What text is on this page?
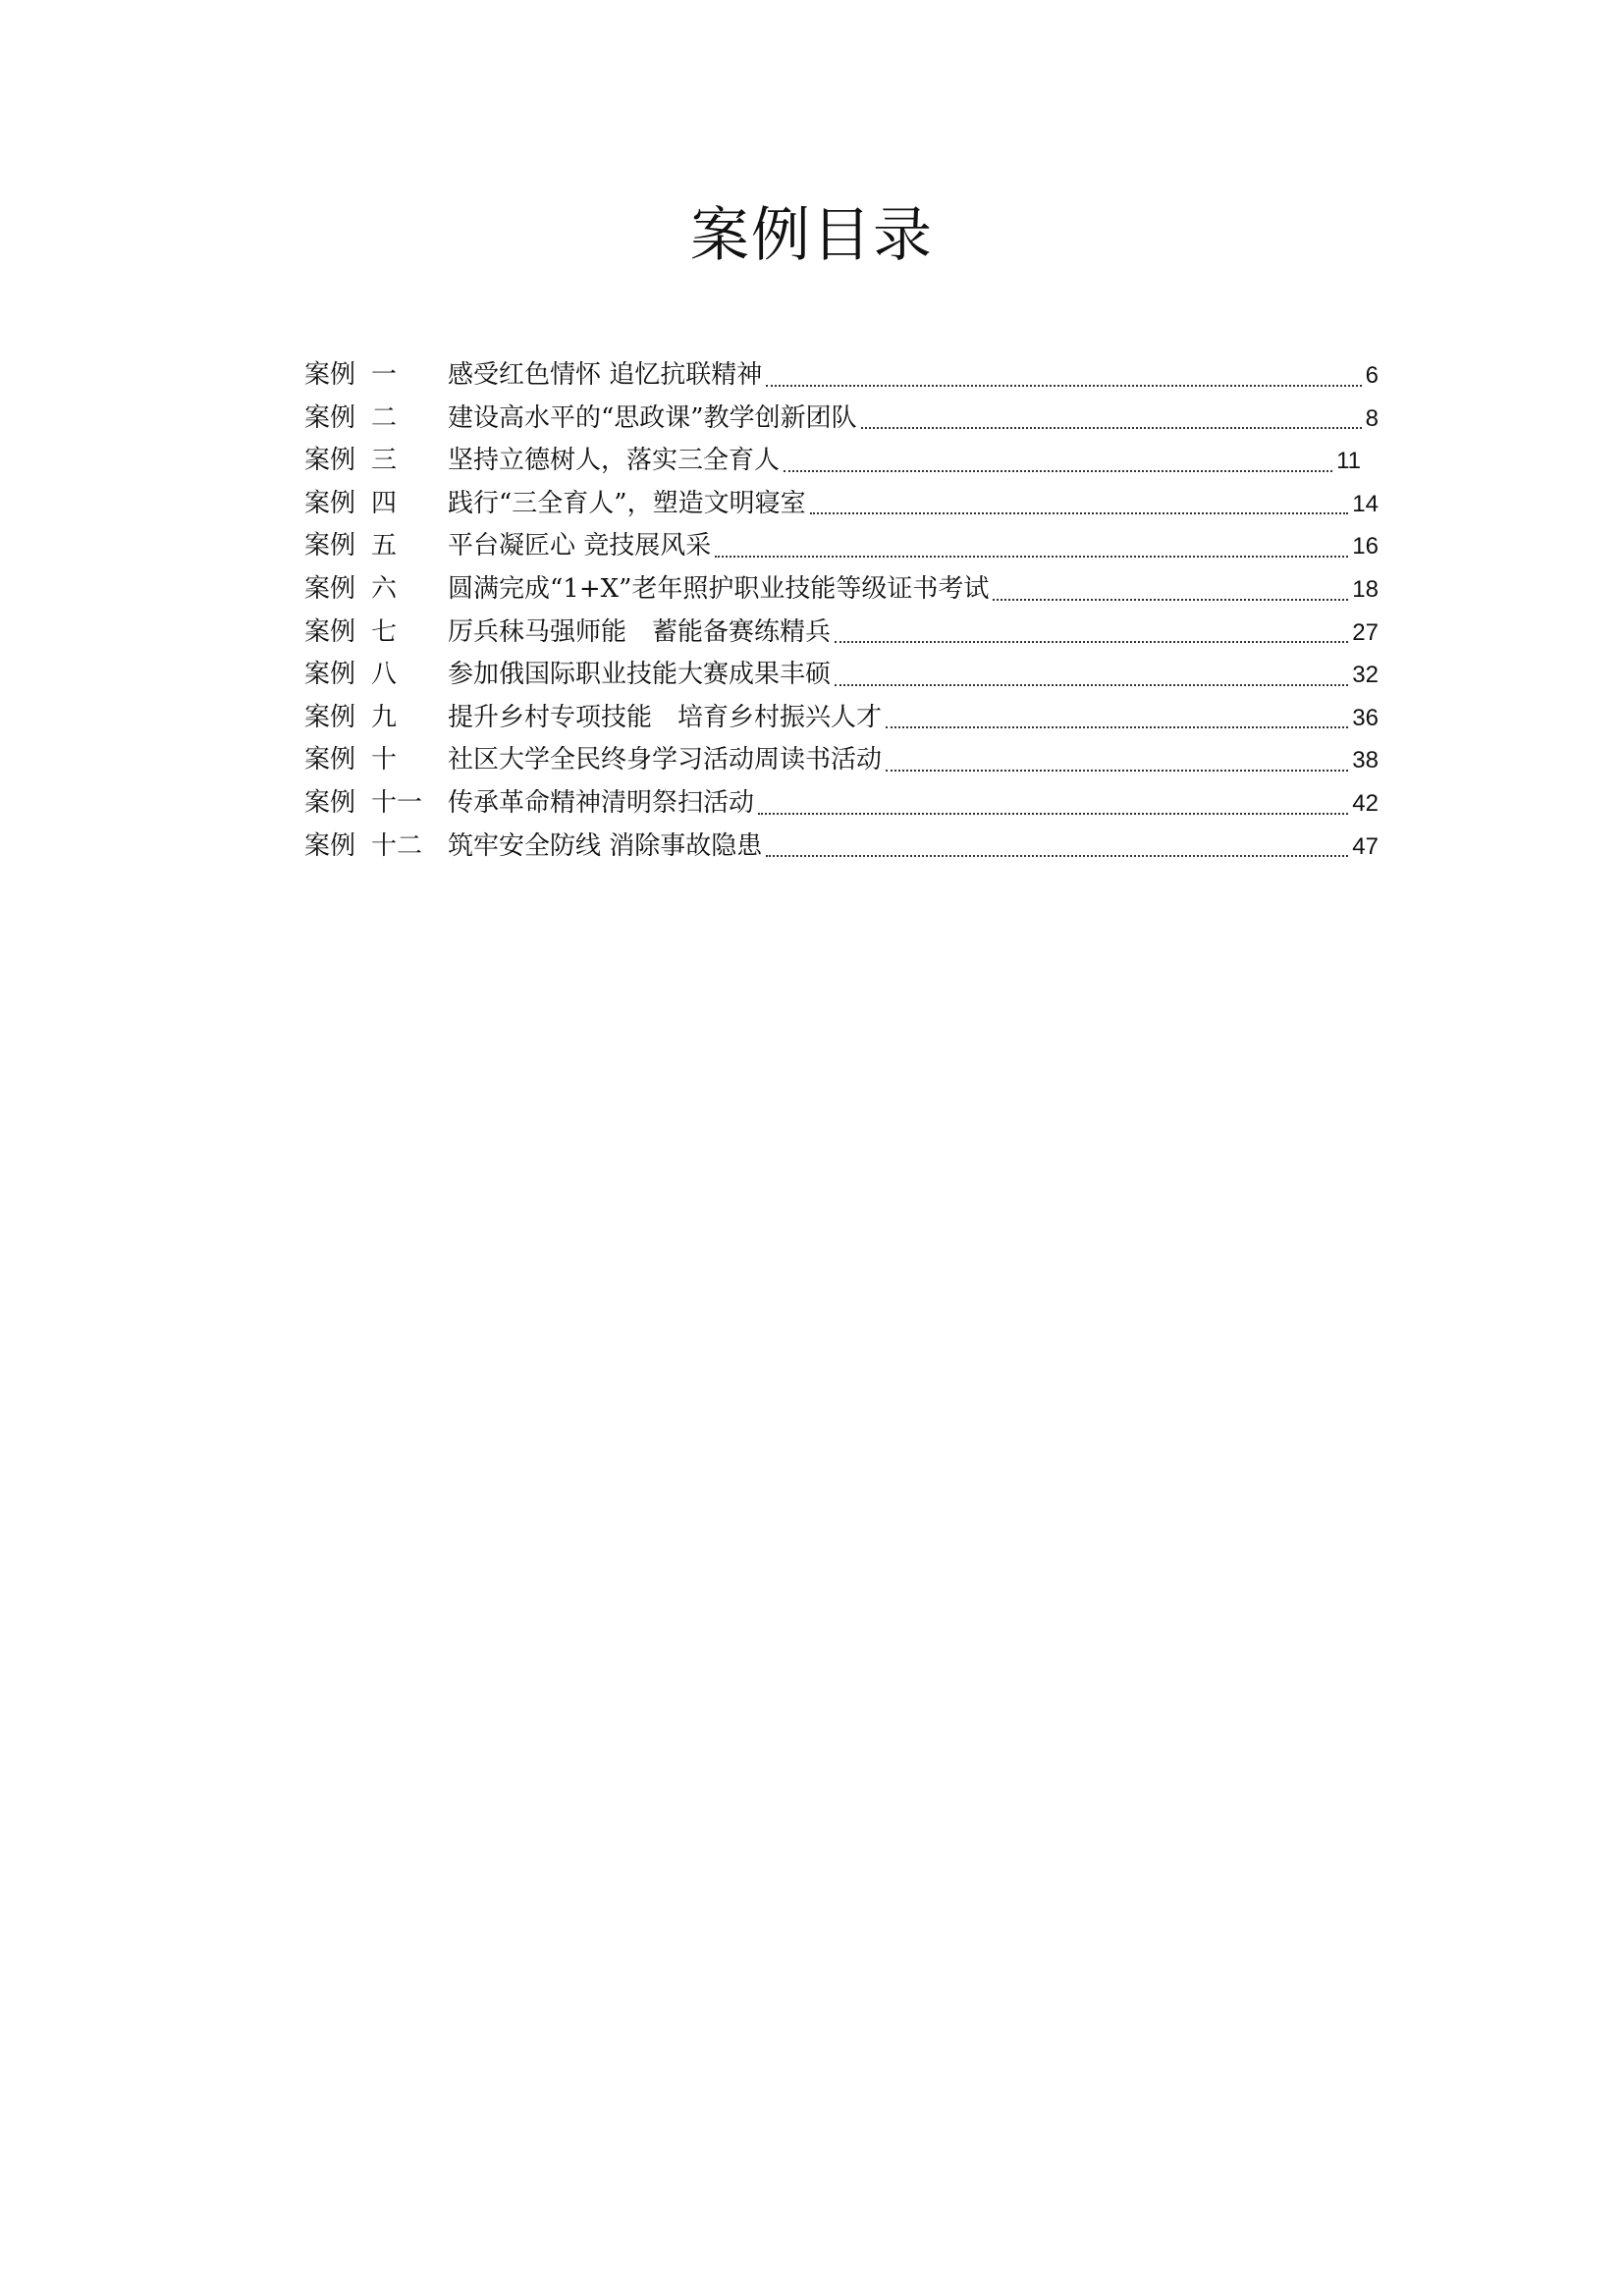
案例目录
案例 一 感受红色情怀 追忆抗联精神	6
案例 二 建设高水平的“思政课”教学创新团队	8
案例 三 坚持立德树人，落实三全育人	11
案例 四 践行“三全育人”，塑造文明寝室	14
案例 五 平台凝匠心 竞技展风采	16
案例 六 圆满完成“1+X”老年照护职业技能等级证书考试	18
案例 七 厉兵秣马强师能　蓄能备赛练精兵	27
案例 八 参加俄国际职业技能大赛成果丰硕	32
案例 九 提升乡村专项技能　培育乡村振兴人才	36
案例 十 社区大学全民终身学习活动周读书活动	38
案例 十一 传承革命精神清明祭扫活动	42
案例 十二 筑牢安全防线 消除事故隐患	47
